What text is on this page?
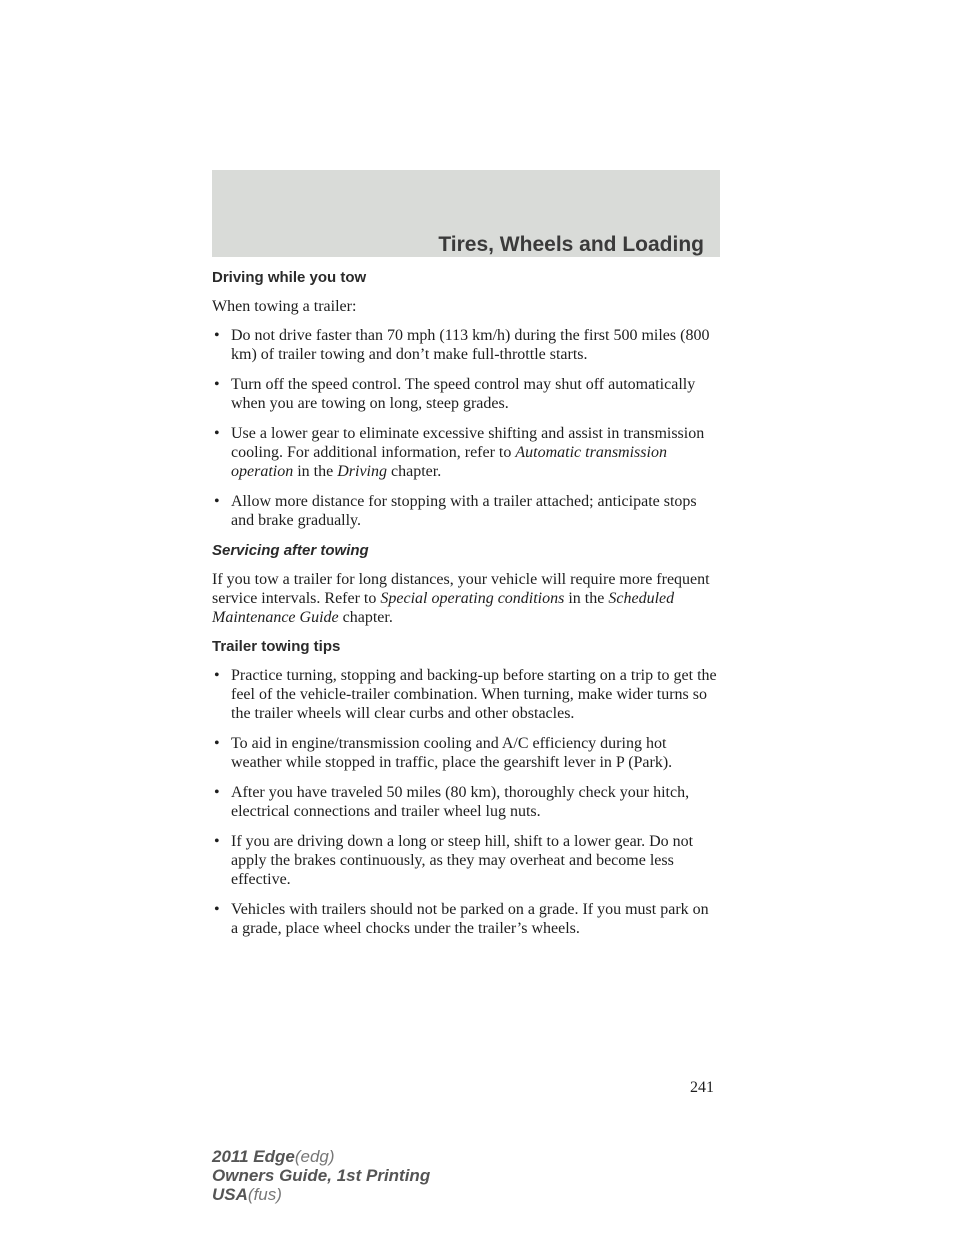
Tires, Wheels and Loading
Driving while you tow

When towing a trailer:

• Do not drive faster than 70 mph (113 km/h) during the first 500 miles (800 km) of trailer towing and don’t make full-throttle starts.
• Turn off the speed control. The speed control may shut off automatically when you are towing on long, steep grades.
• Use a lower gear to eliminate excessive shifting and assist in transmission cooling. For additional information, refer to Automatic transmission operation in the Driving chapter.
• Allow more distance for stopping with a trailer attached; anticipate stops and brake gradually.
Servicing after towing

If you tow a trailer for long distances, your vehicle will require more frequent service intervals. Refer to Special operating conditions in the Scheduled Maintenance Guide chapter.

Trailer towing tips
• Practice turning, stopping and backing-up before starting on a trip to get the feel of the vehicle-trailer combination. When turning, make wider turns so the trailer wheels will clear curbs and other obstacles.
• To aid in engine/transmission cooling and A/C efficiency during hot weather while stopped in traffic, place the gearshift lever in P (Park).
• After you have traveled 50 miles (80 km), thoroughly check your hitch, electrical connections and trailer wheel lug nuts.
• If you are driving down a long or steep hill, shift to a lower gear. Do not apply the brakes continuously, as they may overheat and become less effective.
• Vehicles with trailers should not be parked on a grade. If you must park on a grade, place wheel chocks under the trailer’s wheels.
241
2011 Edge(edg)
Owners Guide, 1st Printing
USA(fus)
